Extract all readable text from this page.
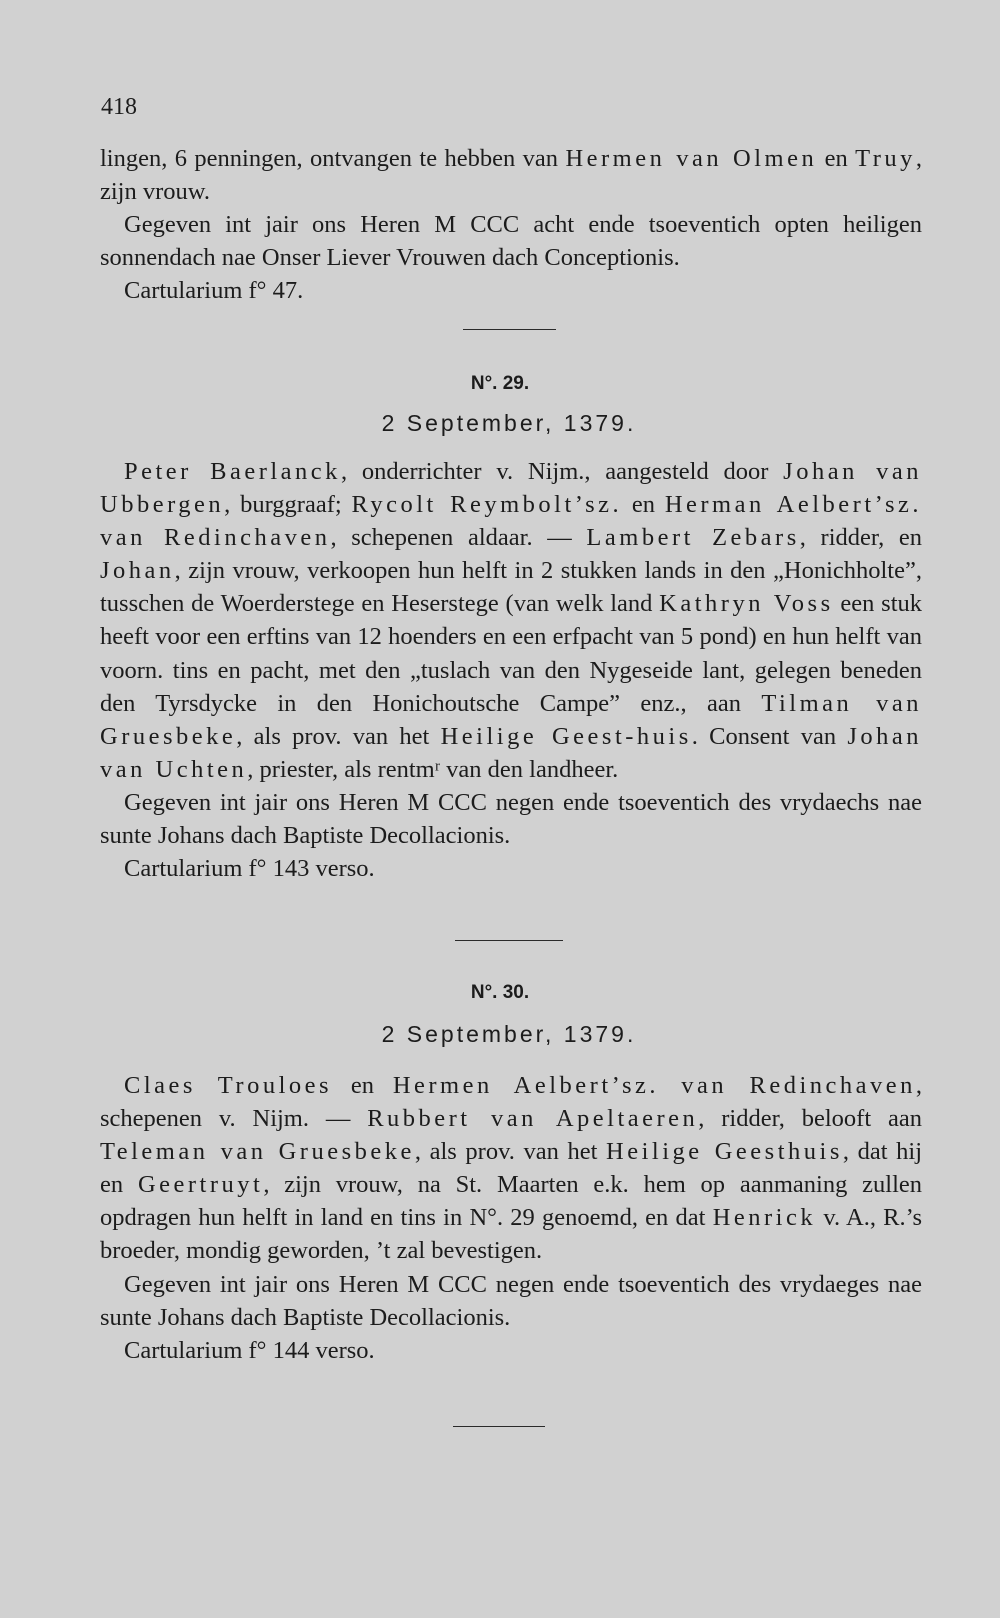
418

lingen, 6 penningen, ontvangen te hebben van Hermen van Olmen en Truy, zijn vrouw.

Gegeven int jair ons Heren M CCC acht ende tsoeventich opten heiligen sonnendach nae Onser Liever Vrouwen dach Conceptionis.

Cartularium f° 47.

N°. 29.
2 September, 1379.

Peter Baerlanck, onderrichter v. Nijm., aangesteld door Johan van Ubbergen, burggraaf; Rycolt Reymbolt’sz. en Herman Aelbert’sz. van Redinchaven, schepenen aldaar. — Lambert Zebars, ridder, en Johan, zijn vrouw, verkoopen hun helft in 2 stukken lands in den „Honichholte”, tusschen de Woerderstege en Heserstege (van welk land Kathryn Voss een stuk heeft voor een erftins van 12 hoenders en een erfpacht van 5 pond) en hun helft van voorn. tins en pacht, met den „tuslach van den Nygeseide lant, gelegen beneden den Tyrsdycke in den Honichoutsche Campe” enz., aan Tilman van Gruesbeke, als prov. van het Heilige Geest-huis. Consent van Johan van Uchten, priester, als rentmʳ van den landheer.

Gegeven int jair ons Heren M CCC negen ende tsoeventich des vrydaechs nae sunte Johans dach Baptiste Decollacionis.

Cartularium f° 143 verso.

N°. 30.
2 September, 1379.

Claes Trouloes en Hermen Aelbert’sz. van Redinchaven, schepenen v. Nijm. — Rubbert van Apeltaeren, ridder, belooft aan Teleman van Gruesbeke, als prov. van het Heilige Geesthuis, dat hij en Geertruyt, zijn vrouw, na St. Maarten e.k. hem op aanmaning zullen opdragen hun helft in land en tins in N°. 29 genoemd, en dat Henrick v. A., R.’s broeder, mondig geworden, ’t zal bevestigen.

Gegeven int jair ons Heren M CCC negen ende tsoeventich des vrydaeges nae sunte Johans dach Baptiste Decollacionis.

Cartularium f° 144 verso.
